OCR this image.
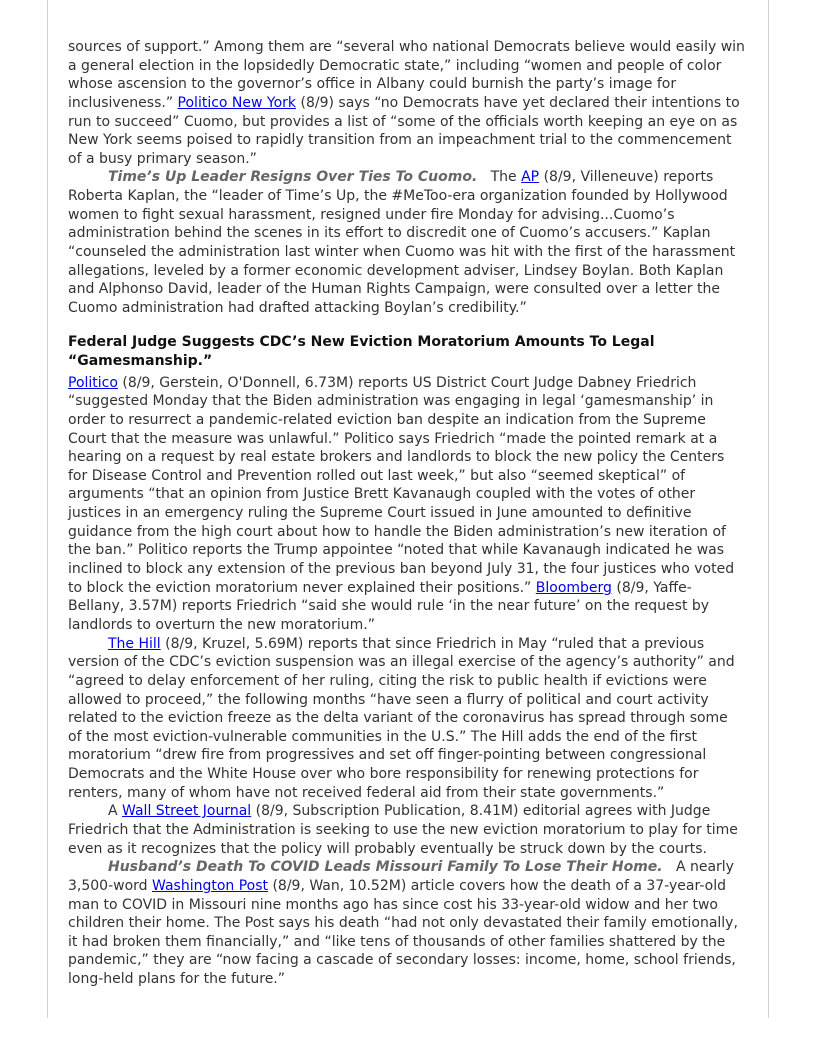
sources of support.” Among them are “several who national Democrats believe would easily win
a general election in the lopsidedly Democratic state,” including “women and people of color
whose ascension to the governor’s office in Albany could burnish the party’s image for
inclusiveness.” Politico New York (8/9) says “no Democrats have yet declared their intentions to
run to succeed” Cuomo, but provides a list of “some of the officials worth keeping an eye on as
New York seems poised to rapidly transition from an impeachment trial to the commencement
of a busy primary season.”
Time’s Up Leader Resigns Over Ties To Cuomo.   The AP (8/9, Villeneuve) reports
Roberta Kaplan, the “leader of Time’s Up, the #MeToo-era organization founded by Hollywood
women to fight sexual harassment, resigned under fire Monday for advising...Cuomo’s
administration behind the scenes in its effort to discredit one of Cuomo’s accusers.” Kaplan
“counseled the administration last winter when Cuomo was hit with the first of the harassment
allegations, leveled by a former economic development adviser, Lindsey Boylan. Both Kaplan
and Alphonso David, leader of the Human Rights Campaign, were consulted over a letter the
Cuomo administration had drafted attacking Boylan’s credibility.”
Federal Judge Suggests CDC’s New Eviction Moratorium Amounts To Legal
“Gamesmanship.”
Politico (8/9, Gerstein, O'Donnell, 6.73M) reports US District Court Judge Dabney Friedrich
“suggested Monday that the Biden administration was engaging in legal ‘gamesmanship’ in
order to resurrect a pandemic-related eviction ban despite an indication from the Supreme
Court that the measure was unlawful.” Politico says Friedrich “made the pointed remark at a
hearing on a request by real estate brokers and landlords to block the new policy the Centers
for Disease Control and Prevention rolled out last week,” but also “seemed skeptical” of
arguments “that an opinion from Justice Brett Kavanaugh coupled with the votes of other
justices in an emergency ruling the Supreme Court issued in June amounted to definitive
guidance from the high court about how to handle the Biden administration’s new iteration of
the ban.” Politico reports the Trump appointee “noted that while Kavanaugh indicated he was
inclined to block any extension of the previous ban beyond July 31, the four justices who voted
to block the eviction moratorium never explained their positions.” Bloomberg (8/9, Yaffe-
Bellany, 3.57M) reports Friedrich “said she would rule ‘in the near future’ on the request by
landlords to overturn the new moratorium.”
The Hill (8/9, Kruzel, 5.69M) reports that since Friedrich in May “ruled that a previous
version of the CDC’s eviction suspension was an illegal exercise of the agency’s authority” and
“agreed to delay enforcement of her ruling, citing the risk to public health if evictions were
allowed to proceed,” the following months “have seen a flurry of political and court activity
related to the eviction freeze as the delta variant of the coronavirus has spread through some
of the most eviction-vulnerable communities in the U.S.” The Hill adds the end of the first
moratorium “drew fire from progressives and set off finger-pointing between congressional
Democrats and the White House over who bore responsibility for renewing protections for
renters, many of whom have not received federal aid from their state governments.”
A Wall Street Journal (8/9, Subscription Publication, 8.41M) editorial agrees with Judge
Friedrich that the Administration is seeking to use the new eviction moratorium to play for time
even as it recognizes that the policy will probably eventually be struck down by the courts.
Husband’s Death To COVID Leads Missouri Family To Lose Their Home.   A nearly
3,500-word Washington Post (8/9, Wan, 10.52M) article covers how the death of a 37-year-old
man to COVID in Missouri nine months ago has since cost his 33-year-old widow and her two
children their home. The Post says his death “had not only devastated their family emotionally,
it had broken them financially,” and “like tens of thousands of other families shattered by the
pandemic,” they are “now facing a cascade of secondary losses: income, home, school friends,
long-held plans for the future.”
